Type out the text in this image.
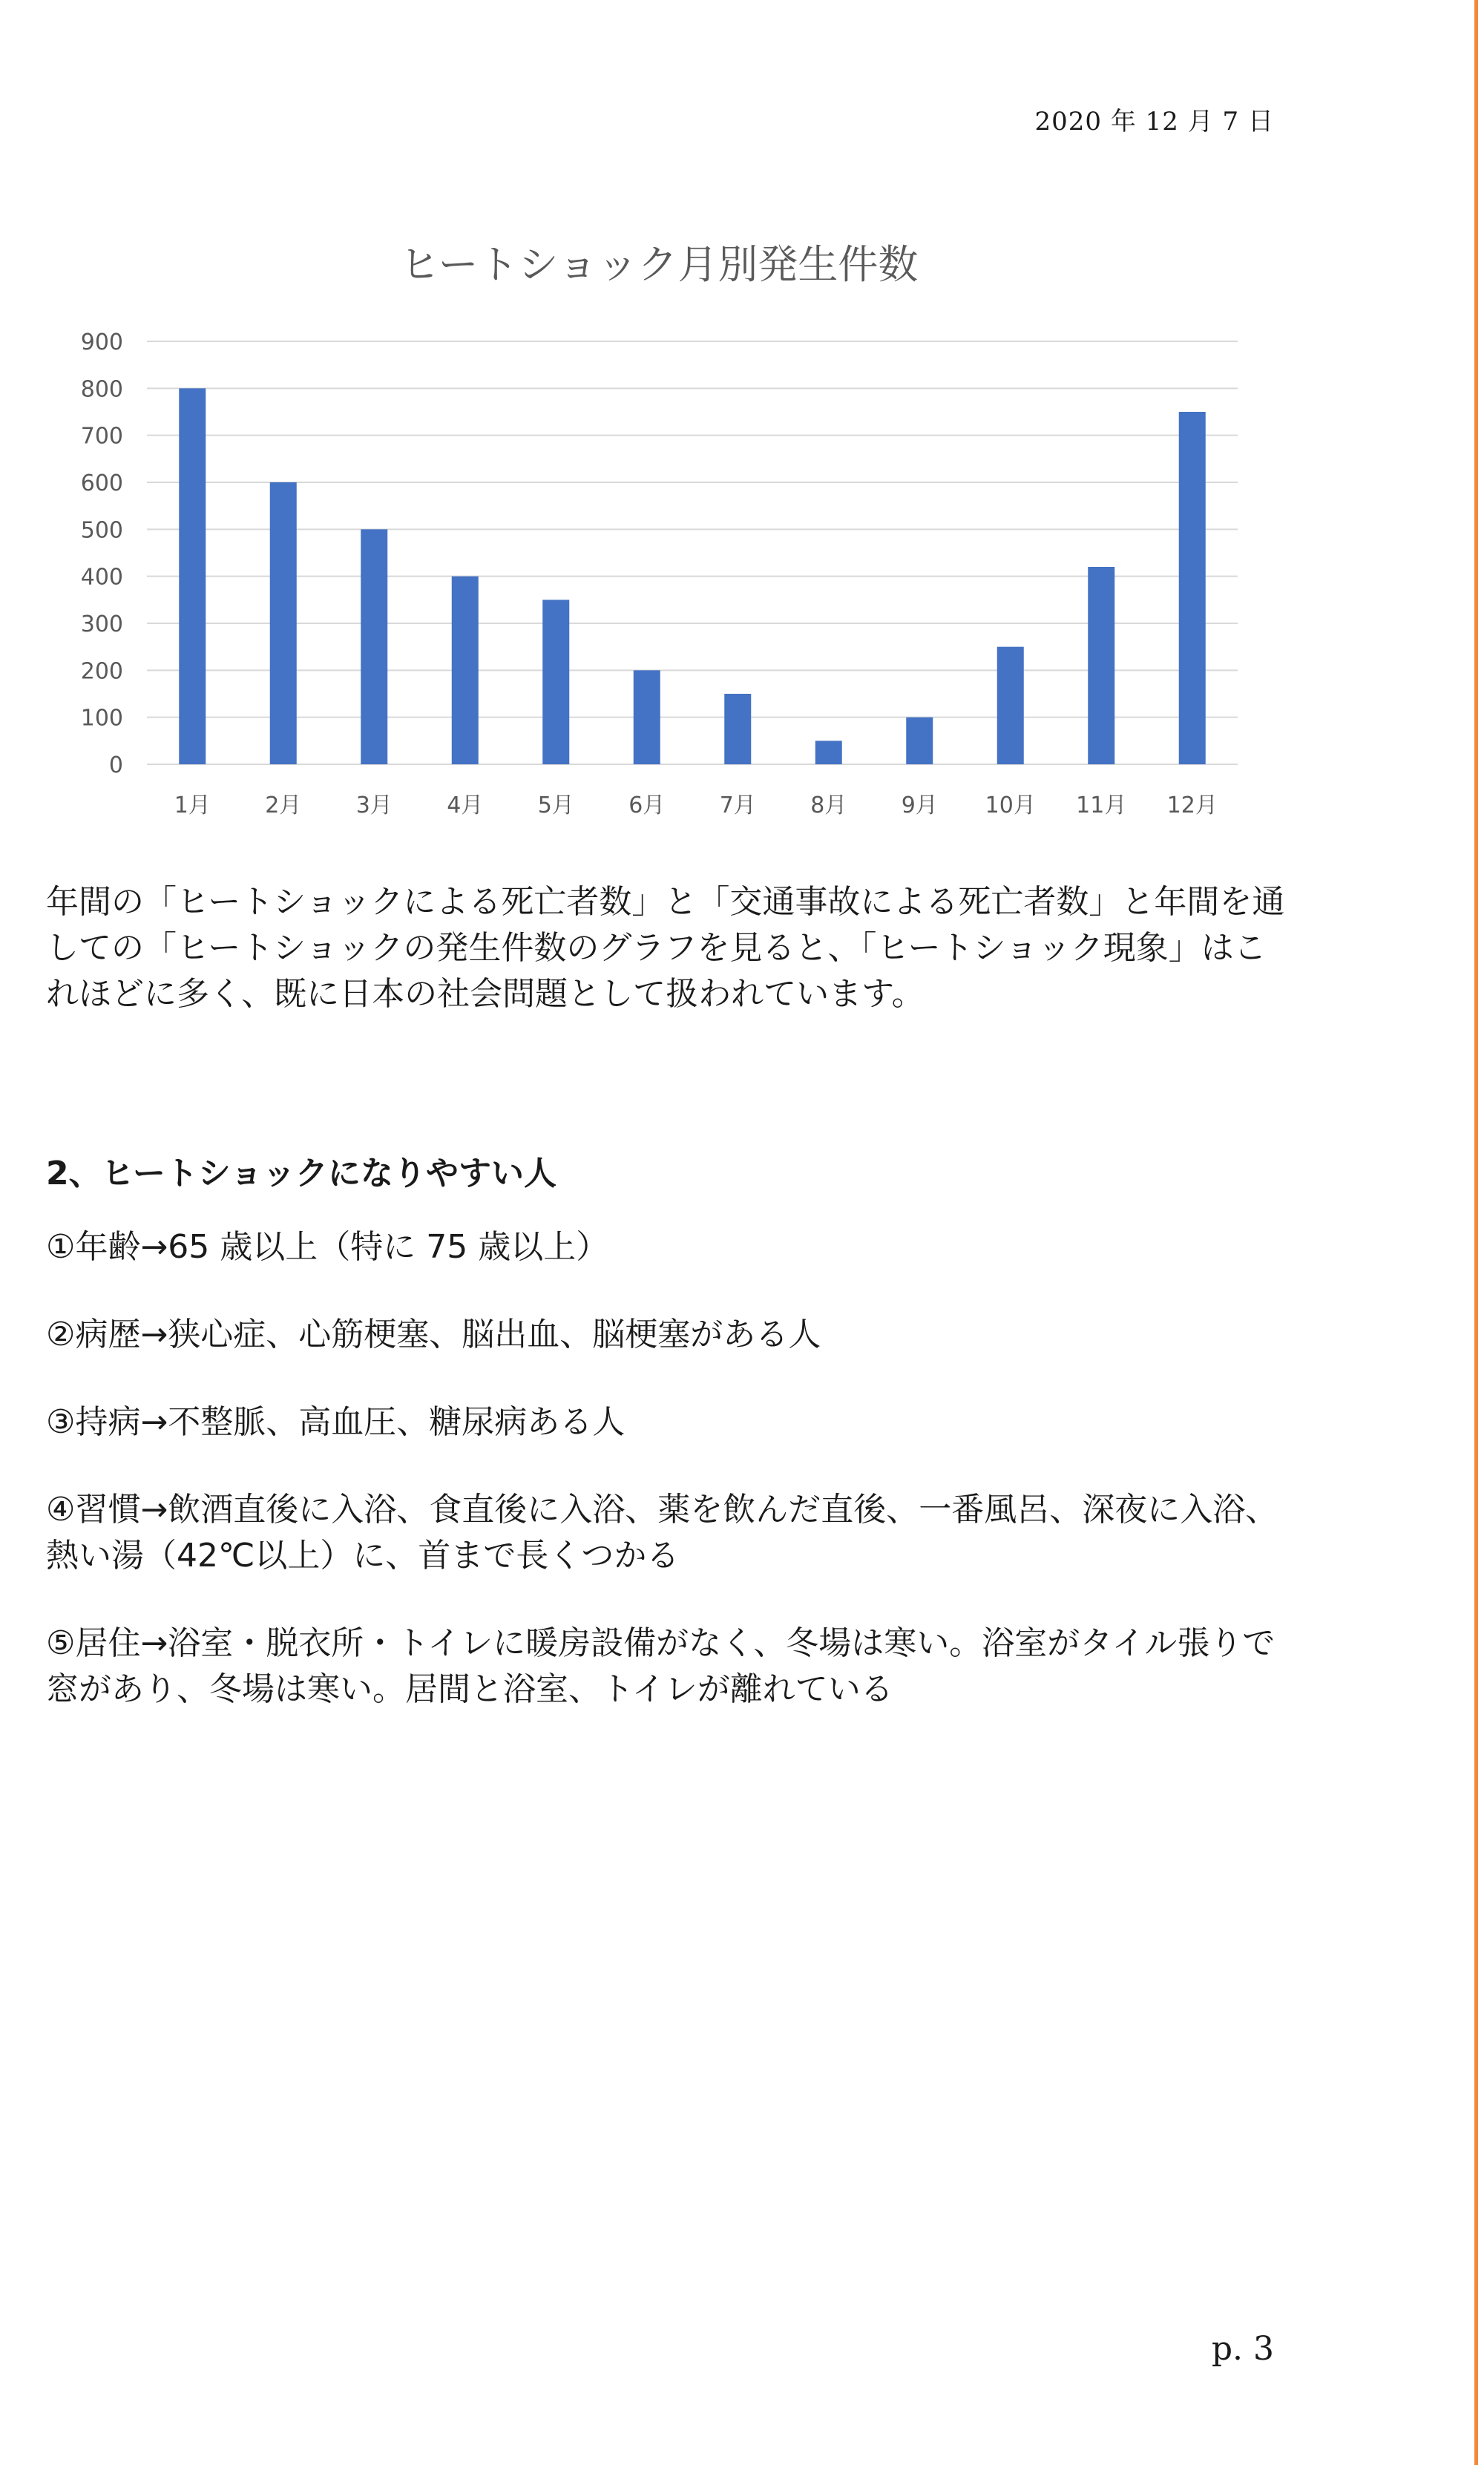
2020 年 12 月 7 日
ヒートショック月別発生件数
0
100
200
300
400
500
600
700
800
900
1月 2月 3月 4月 5月 6月 7月 8月 9月 10月 11月 12月

年間の「ヒートショックによる死亡者数」と「交通事故による死亡者数」と年間を通しての「ヒートショックの発生件数のグラフを見ると、「ヒートショック現象」はこれほどに多く、既に日本の社会問題として扱われています。

2、ヒートショックになりやすい人

①年齢→65 歳以上（特に 75 歳以上）

②病歴→狭心症、心筋梗塞、脳出血、脳梗塞がある人

③持病→不整脈、高血圧、糖尿病ある人

④習慣→飲酒直後に入浴、食直後に入浴、薬を飲んだ直後、一番風呂、深夜に入浴、熱い湯（42℃以上）に、首まで長くつかる

⑤居住→浴室・脱衣所・トイレに暖房設備がなく、冬場は寒い。浴室がタイル張りで窓があり、冬場は寒い。居間と浴室、トイレが離れている

p. 3
